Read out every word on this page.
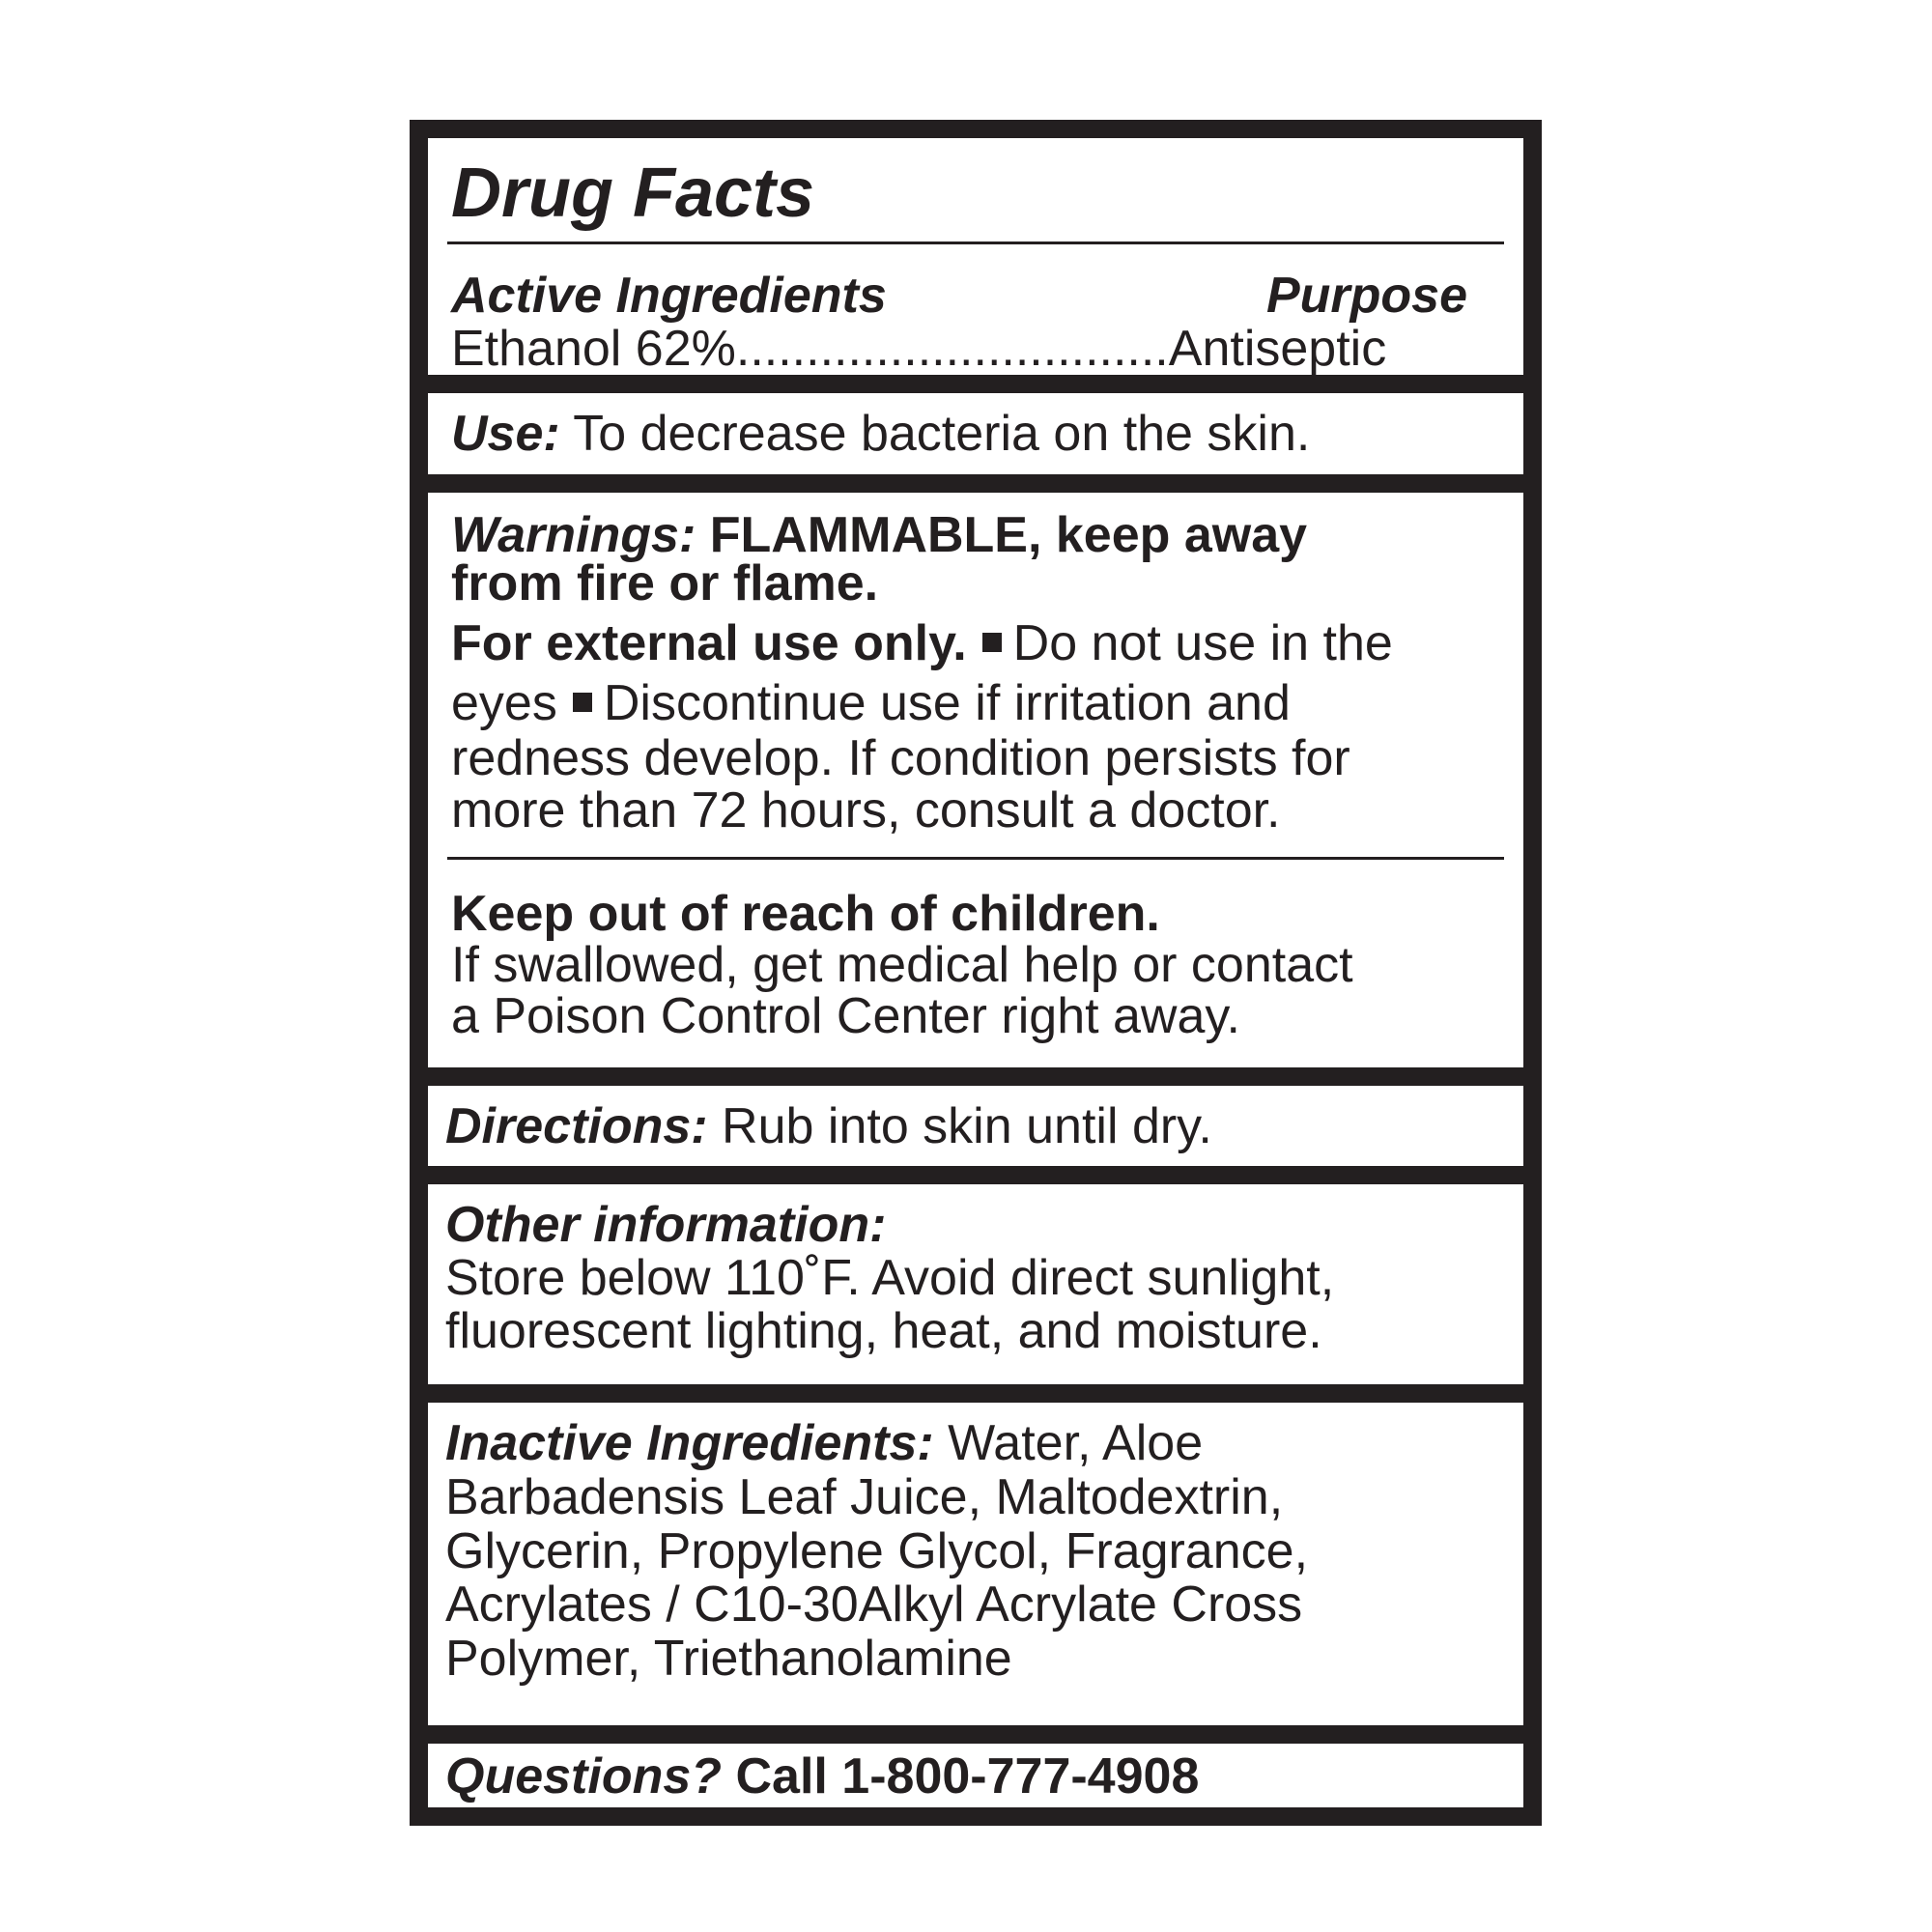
Drug Facts
Active Ingredients	Purpose
Ethanol 62%...............................Antiseptic
Use: To decrease bacteria on the skin.
Warnings: FLAMMABLE, keep away
from fire or flame.
For external use only. Do not use in the
eyes Discontinue use if irritation and
redness develop. If condition persists for
more than 72 hours, consult a doctor.
Keep out of reach of children.
If swallowed, get medical help or contact
a Poison Control Center right away.
Directions: Rub into skin until dry.
Other information:
Store below 110˚F. Avoid direct sunlight,
fluorescent lighting, heat, and moisture.
Inactive Ingredients: Water, Aloe
Barbadensis Leaf Juice, Maltodextrin,
Glycerin, Propylene Glycol, Fragrance,
Acrylates / C10-30Alkyl Acrylate Cross
Polymer, Triethanolamine
Questions? Call 1-800-777-4908
